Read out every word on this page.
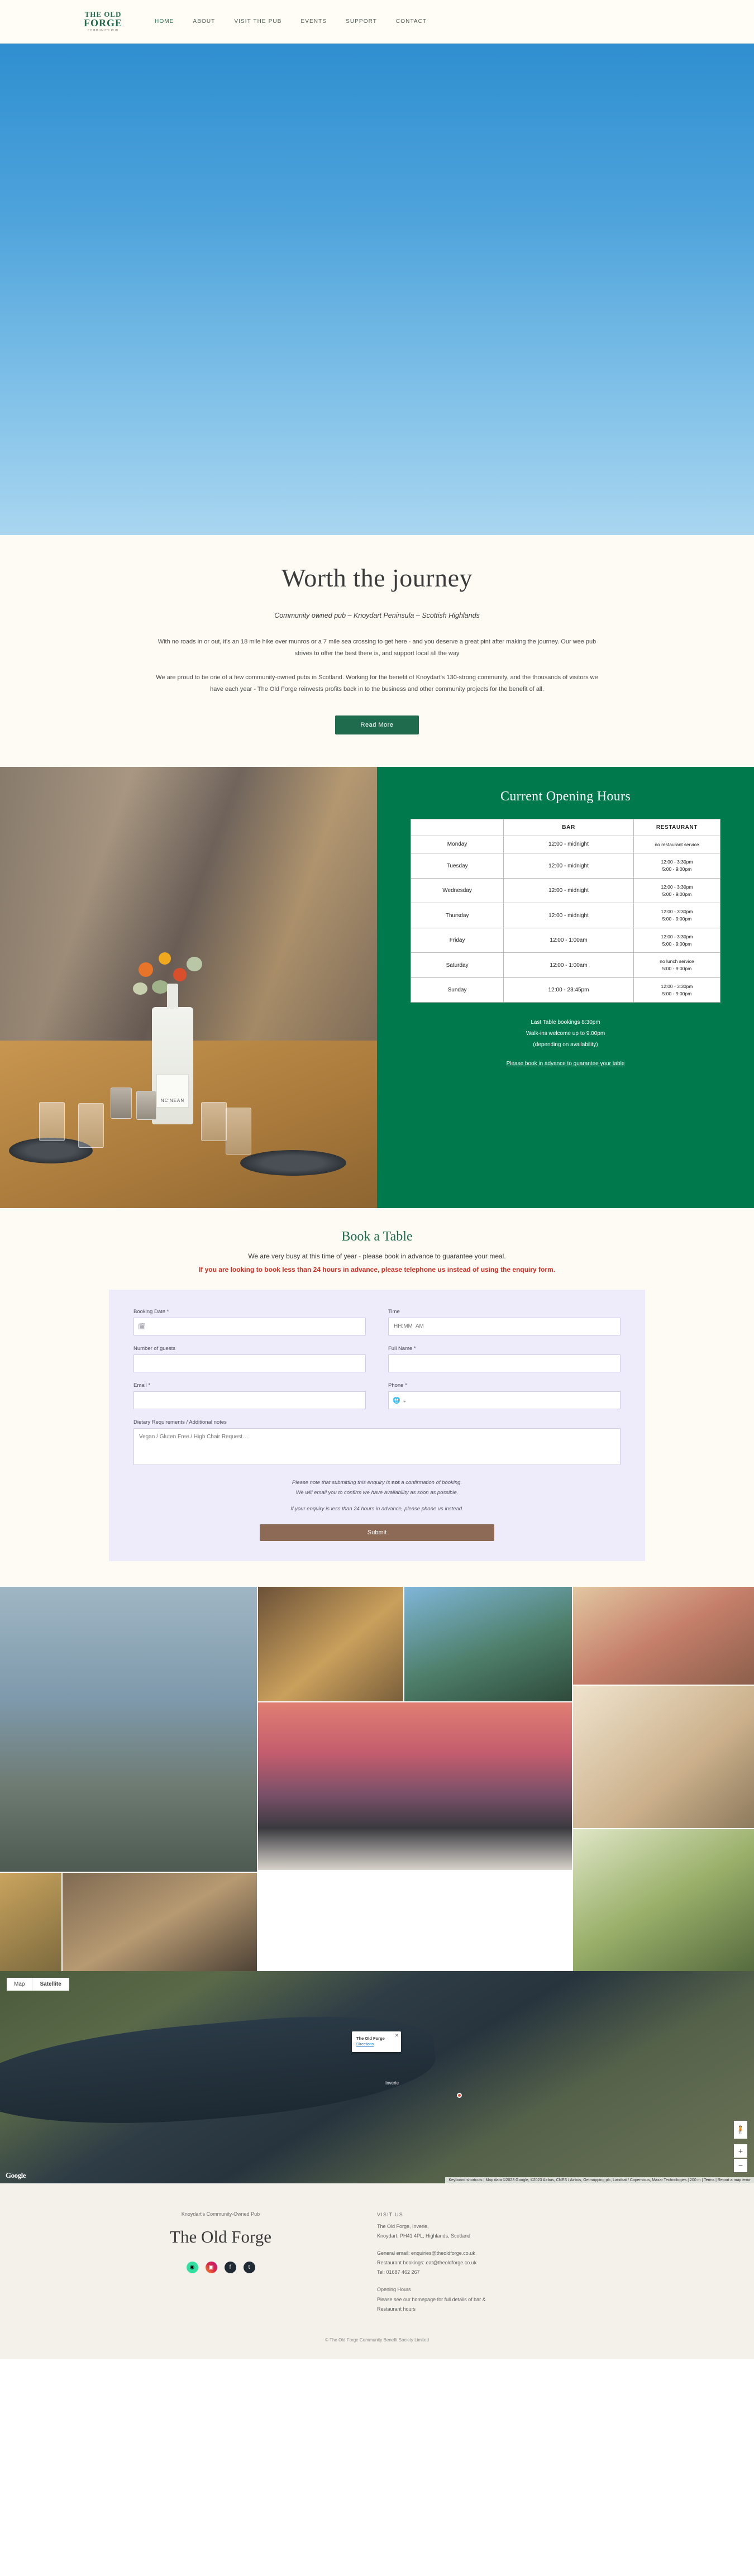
THE OLD
FORGE
COMMUNITY PUB
HOME	ABOUT	VISIT THE PUB	EVENTS	SUPPORT	CONTACT
Worth the journey
Community owned pub – Knoydart Peninsula – Scottish Highlands

With no roads in or out, it's an 18 mile hike over munros or a 7 mile sea crossing to get here - and you deserve a great pint after making the journey. Our wee pub strives to offer the best there is, and support local all the way

We are proud to be one of a few community-owned pubs in Scotland. Working for the benefit of Knoydart's 130-strong community, and the thousands of visitors we have each year - The Old Forge reinvests profits back in to the business and other community projects for the benefit of all.

Read More
NC'NEAN
Current Opening Hours
	BAR	RESTAURANT
Monday	12:00 - midnight	no restaurant service
Tuesday	12:00 - midnight	12:00 - 3:30pm
5:00 - 9:00pm
Wednesday	12:00 - midnight	12:00 - 3:30pm
5:00 - 9:00pm
Thursday	12:00 - midnight	12:00 - 3:30pm
5:00 - 9:00pm
Friday	12:00 - 1:00am	12:00 - 3:30pm
5:00 - 9:00pm
Saturday	12:00 - 1:00am	no lunch service
5:00 - 9:00pm
Sunday	12:00 - 23:45pm	12:00 - 3:30pm
5:00 - 9:00pm
Last Table bookings 8:30pm
Walk-ins welcome up to 9.00pm
(depending on availability)
Please book in advance to guarantee your table
Book a Table
We are very busy at this time of year - please book in advance to guarantee your meal.
If you are looking to book less than 24 hours in advance, please telephone us instead of using the enquiry form.
Booking Date *
🗓
Time
HH:MM AM
Number of guests	Full Name *
Email *	Phone *
🌐 ⌄
Dietary Requirements / Additional notes
Vegan / Gluten Free / High Chair Request…
Please note that submitting this enquiry is not a confirmation of booking.
We will email you to confirm we have availability as soon as possible.
If your enquiry is less than 24 hours in advance, please phone us instead.
Submit
Map	Satellite
✕
The Old Forge
Directions
Inverie
🧍
+
−
Keyboard shortcuts | Map data ©2023 Google, ©2023 Airbus, CNES / Airbus, Getmapping plc, Landsat / Copernicus, Maxar Technologies | 200 m | Terms | Report a map error
Google
Knoydart's Community-Owned Pub
The Old Forge
◉	▣	f	t
VISIT US
The Old Forge, Inverie,
Knoydart, PH41 4PL, Highlands, Scotland
General email: enquiries@theoldforge.co.uk
Restaurant bookings: eat@theoldforge.co.uk
Tel: 01687 462 267
Opening Hours
Please see our homepage for full details of bar &
Restaurant hours
© The Old Forge Community Benefit Society Limited
